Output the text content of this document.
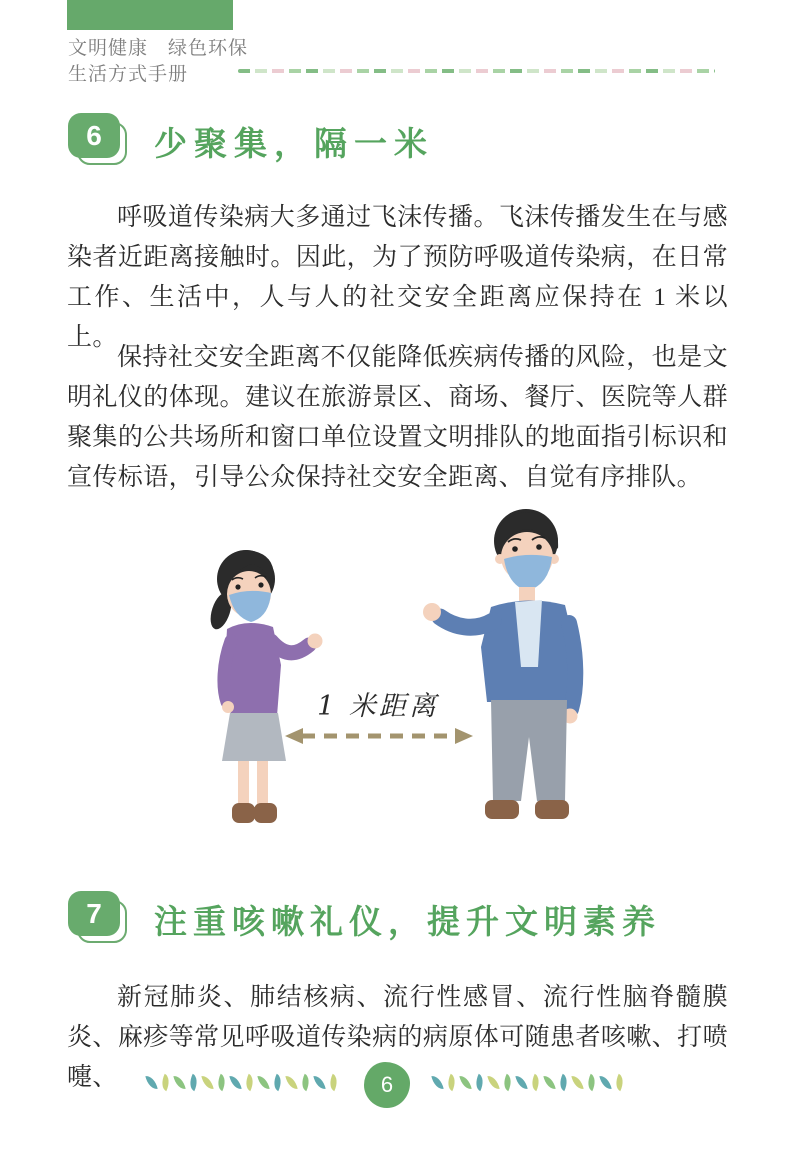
文明健康　绿色环保
生活方式手册
6	少聚集，隔一米

呼吸道传染病大多通过飞沫传播。飞沫传播发生在与感染者近距离接触时。因此，为了预防呼吸道传染病，在日常工作、生活中，人与人的社交安全距离应保持在 1 米以上。

保持社交安全距离不仅能降低疾病传播的风险，也是文明礼仪的体现。建议在旅游景区、商场、餐厅、医院等人群聚集的公共场所和窗口单位设置文明排队的地面指引标识和宣传标语，引导公众保持社交安全距离、自觉有序排队。

1 米距离
7	注重咳嗽礼仪，提升文明素养

新冠肺炎、肺结核病、流行性感冒、流行性脑脊髓膜炎、麻疹等常见呼吸道传染病的病原体可随患者咳嗽、打喷嚏、	6
